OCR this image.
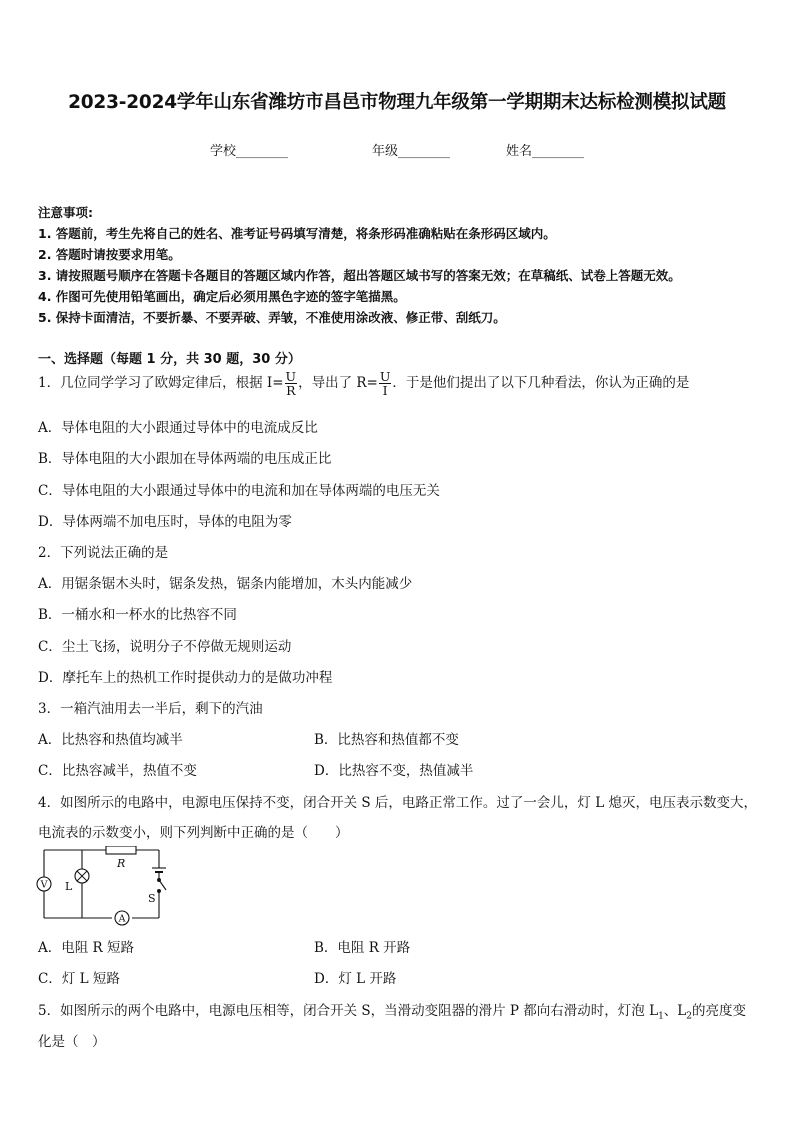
2023-2024学年山东省潍坊市昌邑市物理九年级第一学期期末达标检测模拟试题
学校________	年级________	姓名________
注意事项:
1. 答题前，考生先将自己的姓名、准考证号码填写清楚，将条形码准确粘贴在条形码区域内。
2. 答题时请按要求用笔。
3. 请按照题号顺序在答题卡各题目的答题区域内作答，超出答题区域书写的答案无效；在草稿纸、试卷上答题无效。
4. 作图可先使用铅笔画出，确定后必须用黑色字迹的签字笔描黑。
5. 保持卡面清洁，不要折暴、不要弄破、弄皱，不准使用涂改液、修正带、刮纸刀。
一、选择题（每题 1 分，共 30 题，30 分）
1．几位同学学习了欧姆定律后，根据 $I= \frac{U}{R}$ ，导出了 $R= \frac{U}{I}$ ．于是他们提出了以下几种看法，你认为正确的是
A．导体电阻的大小跟通过导体中的电流成反比
B．导体电阻的大小跟加在导体两端的电压成正比
C．导体电阻的大小跟通过导体中的电流和加在导体两端的电压无关
D．导体两端不加电压时，导体的电阻为零
2．下列说法正确的是
A．用锯条锯木头时，锯条发热，锯条内能增加，木头内能减少
B．一桶水和一杯水的比热容不同
C．尘土飞扬，说明分子不停做无规则运动
D．摩托车上的热机工作时提供动力的是做功冲程
3．一箱汽油用去一半后，剩下的汽油
A．比热容和热值均减半	B．比热容和热值都不变
C．比热容减半，热值不变	D．比热容不变，热值减半
4．如图所示的电路中，电源电压保持不变，闭合开关 S 后，电路正常工作。过了一会儿，灯 L 熄灭，电压表示数变大，
电流表的示数变小，则下列判断中正确的是（　　）
V
A
L
R
S
A．电阻 R 短路	B．电阻 R 开路
C．灯 L 短路	D．灯 L 开路
5．如图所示的两个电路中，电源电压相等，闭合开关 S，当滑动变阻器的滑片 P 都向右滑动时，灯泡 $L_1$、$L_2$的亮度变
化是（　）
